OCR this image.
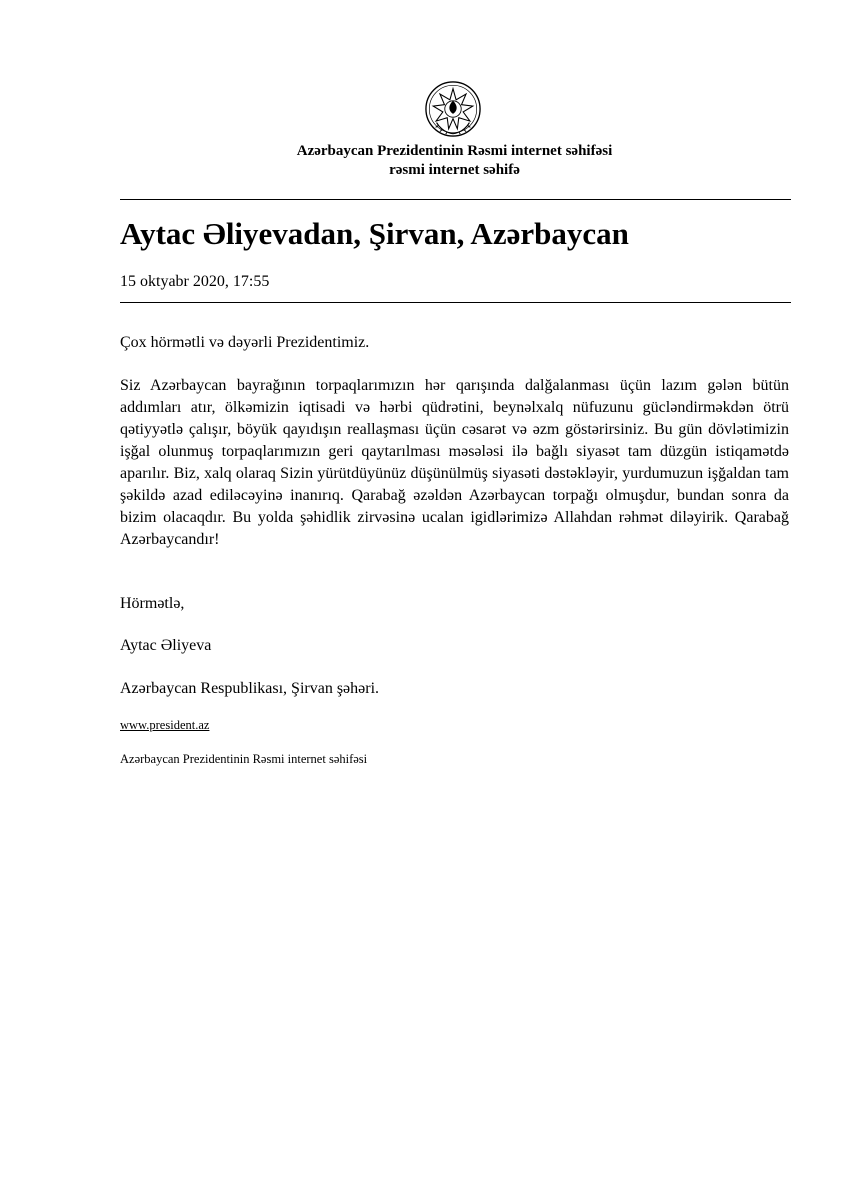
Azərbaycan Prezidentinin Rəsmi internet səhifəsi
rəsmi internet səhifə
Aytac Əliyevadan, Şirvan, Azərbaycan
15 oktyabr 2020, 17:55

Çox hörmətli və dəyərli Prezidentimiz.

Siz Azərbaycan bayrağının torpaqlarımızın hər qarışında dalğalanması üçün lazım gələn bütün addımları atır, ölkəmizin iqtisadi və hərbi qüdrətini, beynəlxalq nüfuzunu gücləndirməkdən ötrü qətiyyətlə çalışır, böyük qayıdışın reallaşması üçün cəsarət və əzm göstərirsiniz. Bu gün dövlətimizin işğal olunmuş torpaqlarımızın geri qaytarılması məsələsi ilə bağlı siyasət tam düzgün istiqamətdə aparılır. Biz, xalq olaraq Sizin yürütdüyünüz düşünülmüş siyasəti dəstəkləyir, yurdumuzun işğaldan tam şəkildə azad ediləcəyinə inanırıq. Qarabağ əzəldən Azərbaycan torpağı olmuşdur, bundan sonra da bizim olacaqdır. Bu yolda şəhidlik zirvəsinə ucalan igidlərimizə Allahdan rəhmət diləyirik. Qarabağ Azərbaycandır!

Hörmətlə,

Aytac Əliyeva

Azərbaycan Respublikası, Şirvan şəhəri.

www.president.az
Azərbaycan Prezidentinin Rəsmi internet səhifəsi
